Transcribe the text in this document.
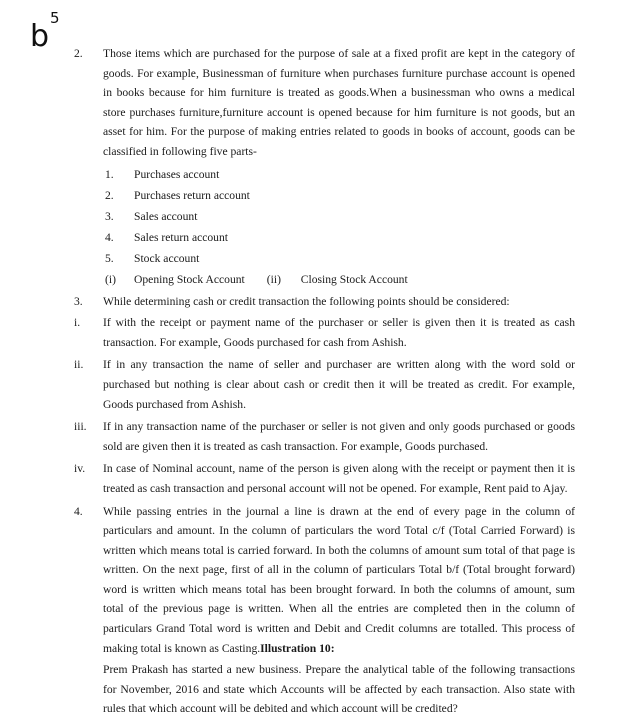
$b^5$
2.	Those items which are purchased for the purpose of sale at a fixed profit are kept in the category of goods. For example, Businessman of furniture when purchases furniture purchase account is opened in books because for him furniture is treated as goods.When a businessman who owns a medical store purchases furniture,furniture account is opened because for him furniture is not goods, but an asset for him. For the purpose of making entries related to goods in books of account, goods can be classified in following five parts-
1.	Purchases account
2.	Purchases return account
3.	Sales account
4.	Sales return account
5.	Stock account
(i)	Opening Stock Account (ii)	Closing Stock Account
3.	While determining cash or credit transaction the following points should be considered:
i.	If with the receipt or payment name of the purchaser or seller is given then it is treated as cash transaction. For example, Goods purchased for cash from Ashish.
ii.	If in any transaction the name of seller and purchaser are written along with the word sold or purchased but nothing is clear about cash or credit then it will be treated as credit. For example, Goods purchased from Ashish.
iii.	If in any transaction name of the purchaser or seller is not given and only goods purchased or goods sold are given then it is treated as cash transaction. For example, Goods purchased.
iv.	In case of Nominal account, name of the person is given along with the receipt or payment then it is treated as cash transaction and personal account will not be opened. For example, Rent paid to Ajay.
4.	While passing entries in the journal a line is drawn at the end of every page in the column of particulars and amount. In the column of particulars the word Total c/f (Total Carried Forward) is written which means total is carried forward. In both the columns of amount sum total of that page is written. On the next page, first of all in the column of particulars Total b/f (Total brought forward) word is written which means total has been brought forward. In both the columns of amount, sum total of the previous page is written. When all the entries are completed then in the column of particulars Grand Total word is written and Debit and Credit columns are totalled. This process of making total is known as Casting.Illustration 10:
Prem Prakash has started a new business. Prepare the analytical table of the following transactions for November, 2016 and state which Accounts will be affected by each transaction. Also state with rules that which account will be debited and which account will be credited?
